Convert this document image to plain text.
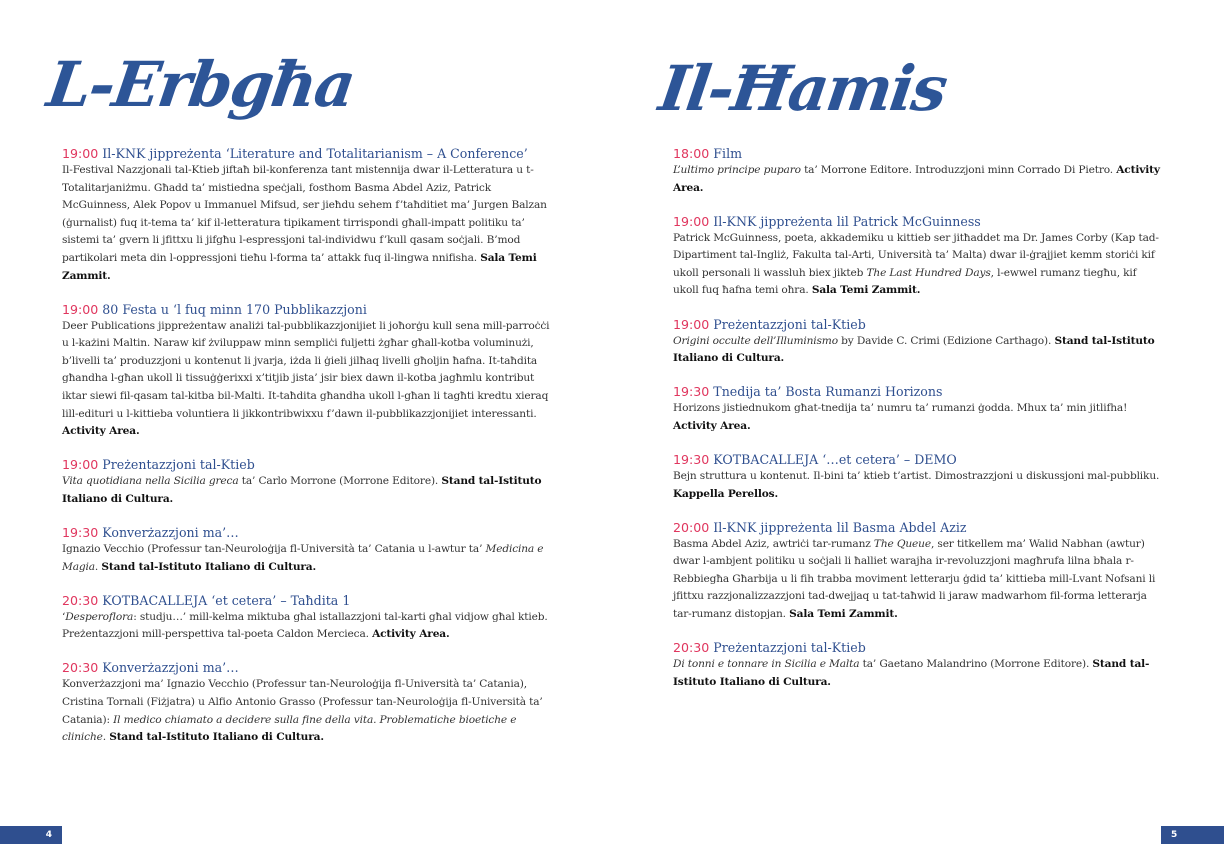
L-Erbgħa
19:00 Il-KNK jippreżenta ‘Literature and Totalitarianism – A Conference’
Il-Festival Nazzjonali tal-Ktieb jiftaħ bil-konferenza tant mistennija dwar il-Letteratura u t-Totalitarjaniżmu. Għadd ta’ mistiedna speċjali, fosthom Basma Abdel Aziz, Patrick McGuinness, Alek Popov u Immanuel Mifsud, ser jieħdu sehem f’taħditiet ma’ Jurgen Balzan (ġurnalist) fuq it-tema ta’ kif il-letteratura tipikament tirrispondi għall-impatt politiku ta’ sistemi ta’ gvern li jfittxu li jifgħu l-espressjoni tal-individwu f’kull qasam soċjali. B’mod partikolari meta din l-oppressjoni tieħu l-forma ta’ attakk fuq il-lingwa nnifisha. Sala Temi Zammit.
19:00 80 Festa u ‘l fuq minn 170 Pubblikazzjoni
Deer Publications jippreżentaw analiżi tal-pubblikazzjonijiet li joħorġu kull sena mill-parroċċi u l-każini Maltin. Naraw kif żviluppaw minn sempliċi fuljetti żgħar għall-kotba voluminużi, b’livelli ta’ produzzjoni u kontenut li jvarja, iżda li ġieli jilħaq livelli għoljin ħafna. It-taħdita għandha l-għan ukoll li tissuġġerixxi x’titjib jista’ jsir biex dawn il-kotba jagħmlu kontribut iktar siewi fil-qasam tal-kitba bil-Malti. It-taħdita għandha ukoll l-għan li tagħti kredtu xieraq lill-edituri u l-kittieba voluntiera li jikkontribwixxu f’dawn il-pubblikazzjonijiet interessanti. Activity Area.
19:00 Preżentazzjoni tal-Ktieb
Vita quotidiana nella Sicilia greca ta’ Carlo Morrone (Morrone Editore). Stand tal-Istituto Italiano di Cultura.
19:30 Konverżazzjoni ma’…
Ignazio Vecchio (Professur tan-Neuroloġija fl-Università ta’ Catania u l-awtur ta’ Medicina e Magia. Stand tal-Istituto Italiano di Cultura.
20:30 KOTBACALLEJA ‘et cetera’ – Taħdita 1
‘Desperoflora: studju…’ mill-kelma miktuba għal istallazzjoni tal-karti għal vidjow għal ktieb. Preżentazzjoni mill-perspettiva tal-poeta Caldon Mercieca. Activity Area.
20:30 Konverżazzjoni ma’…
Konverżazzjoni ma’ Ignazio Vecchio (Professur tan-Neuroloġija fl-Università ta’ Catania), Cristina Tornali (Fiżjatra) u Alfio Antonio Grasso (Professur tan-Neuroloġija fl-Università ta’ Catania): Il medico chiamato a decidere sulla fine della vita. Problematiche bioetiche e cliniche. Stand tal-Istituto Italiano di Cultura.
Il-Ħamis
18:00 Film
L’ultimo principe puparo ta’ Morrone Editore. Introduzzjoni minn Corrado Di Pietro. Activity Area.
19:00 Il-KNK jippreżenta lil Patrick McGuinness
Patrick McGuinness, poeta, akkademiku u kittieb ser jitħaddet ma Dr. James Corby (Kap tad-Dipartiment tal-Ingliż, Fakulta tal-Arti, Università ta’ Malta) dwar il-ġrajjiet kemm storiċi kif ukoll personali li wassluh biex jikteb The Last Hundred Days, l-ewwel rumanz tiegħu, kif ukoll fuq ħafna temi oħra. Sala Temi Zammit.
19:00 Preżentazzjoni tal-Ktieb
Origini occulte dell’Illuminismo by Davide C. Crimi (Edizione Carthago). Stand tal-Istituto Italiano di Cultura.
19:30 Tnedija ta’ Bosta Rumanzi Horizons
Horizons jistiednukom għat-tnedija ta’ numru ta’ rumanzi ġodda. Mhux ta’ min jitlifha! Activity Area.
19:30 KOTBACALLEJA ‘…et cetera’ – DEMO
Bejn struttura u kontenut. Il-bini ta’ ktieb t’artist. Dimostrazzjoni u diskussjoni mal-pubbliku. Kappella Perellos.
20:00 Il-KNK jippreżenta lil Basma Abdel Aziz
Basma Abdel Aziz, awtriċi tar-rumanz The Queue, ser titkellem ma’ Walid Nabhan (awtur) dwar l-ambjent politiku u soċjali li ħalliet warajha ir-revoluzzjoni magħrufa lilna bħala r-Rebbiegħa Għarbija u li fih trabba moviment letterarju ġdid ta’ kittieba mill-Lvant Nofsani li jfittxu razzjonalizzazzjoni tad-dwejjaq u tat-taħwid li jaraw madwarhom fil-forma letterarja tar-rumanz distopjan. Sala Temi Zammit.
20:30 Preżentazzjoni tal-Ktieb
Di tonni e tonnare in Sicilia e Malta ta’ Gaetano Malandrino (Morrone Editore). Stand tal-Istituto Italiano di Cultura.
4	5
